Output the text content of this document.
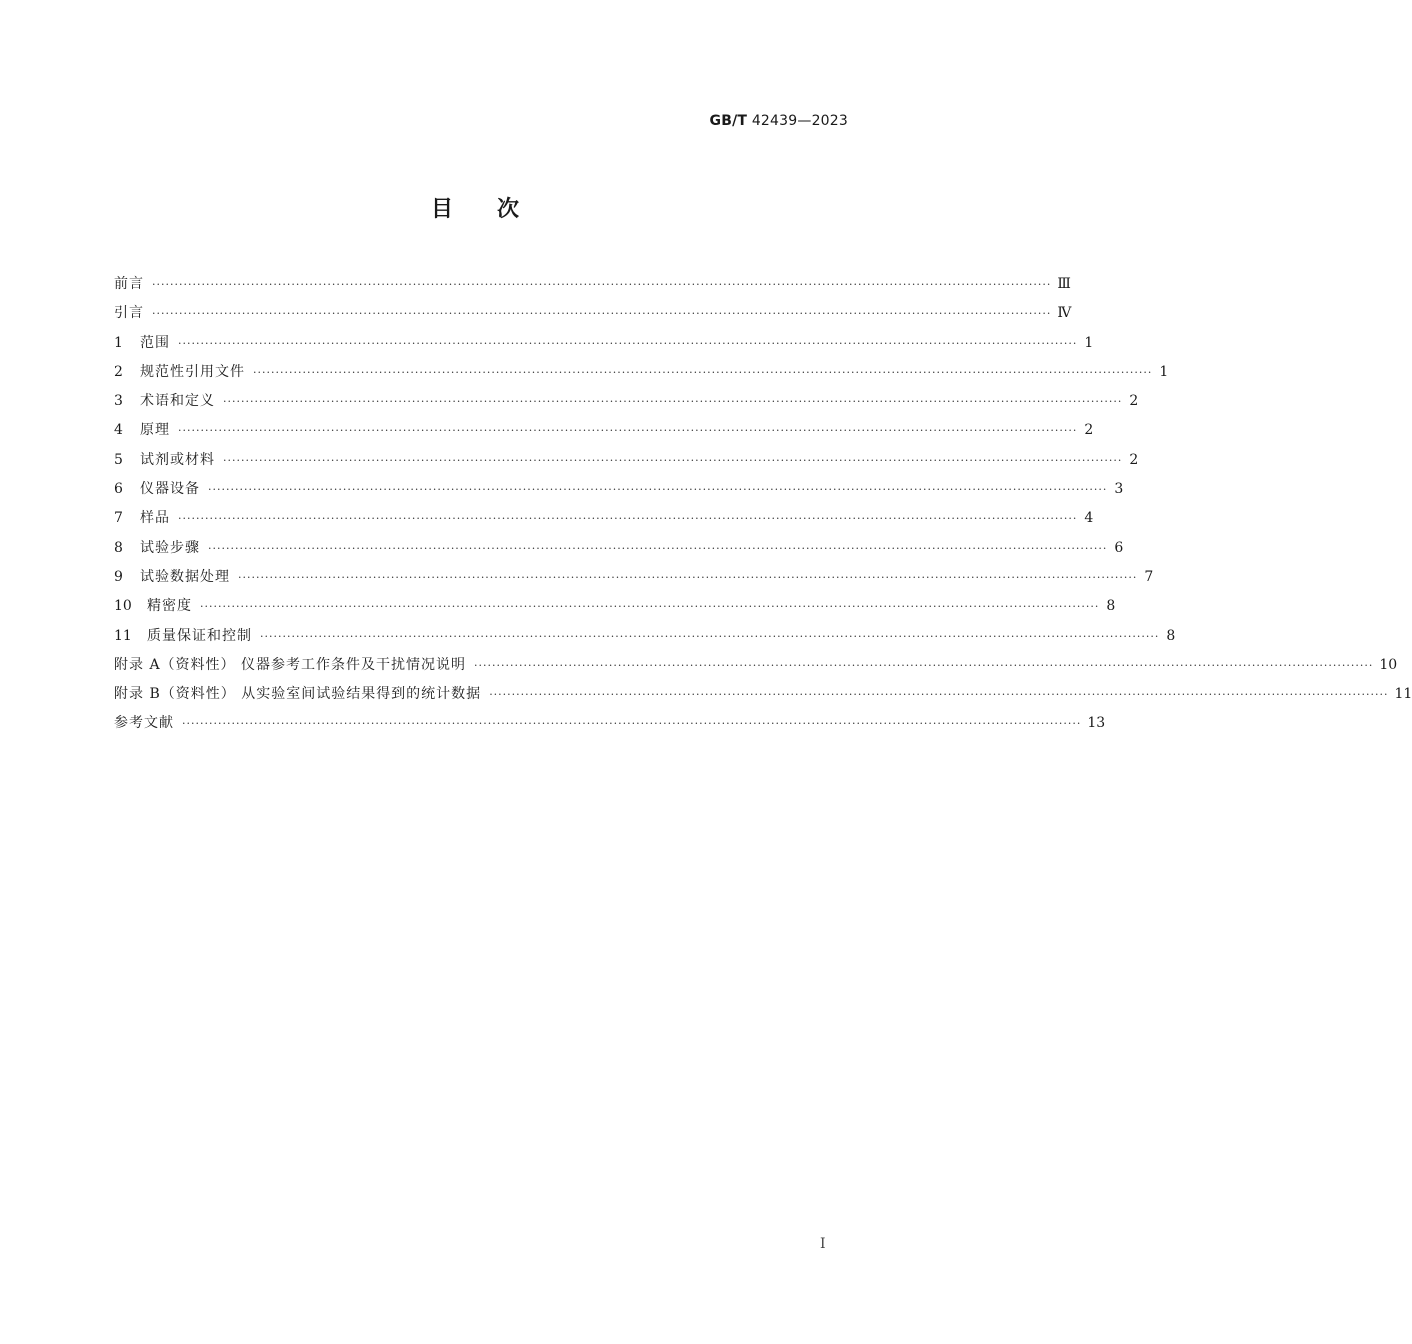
GB/T 42439—2023
目次
前言 ········································································································································································································ Ⅲ
引言 ········································································································································································································ Ⅳ
1	范围 ········································································································································································································ 1
2	规范性引用文件 ········································································································································································································ 1
3	术语和定义 ········································································································································································································ 2
4	原理 ········································································································································································································ 2
5	试剂或材料 ········································································································································································································ 2
6	仪器设备 ········································································································································································································ 3
7	样品 ········································································································································································································ 4
8	试验步骤 ········································································································································································································ 6
9	试验数据处理 ········································································································································································································ 7
10	精密度 ········································································································································································································ 8
11	质量保证和控制 ········································································································································································································ 8
附录 A（资料性） 仪器参考工作条件及干扰情况说明 ········································································································································································································ 10
附录 B（资料性） 从实验室间试验结果得到的统计数据 ········································································································································································································ 11
参考文献 ········································································································································································································ 13
Ⅰ
